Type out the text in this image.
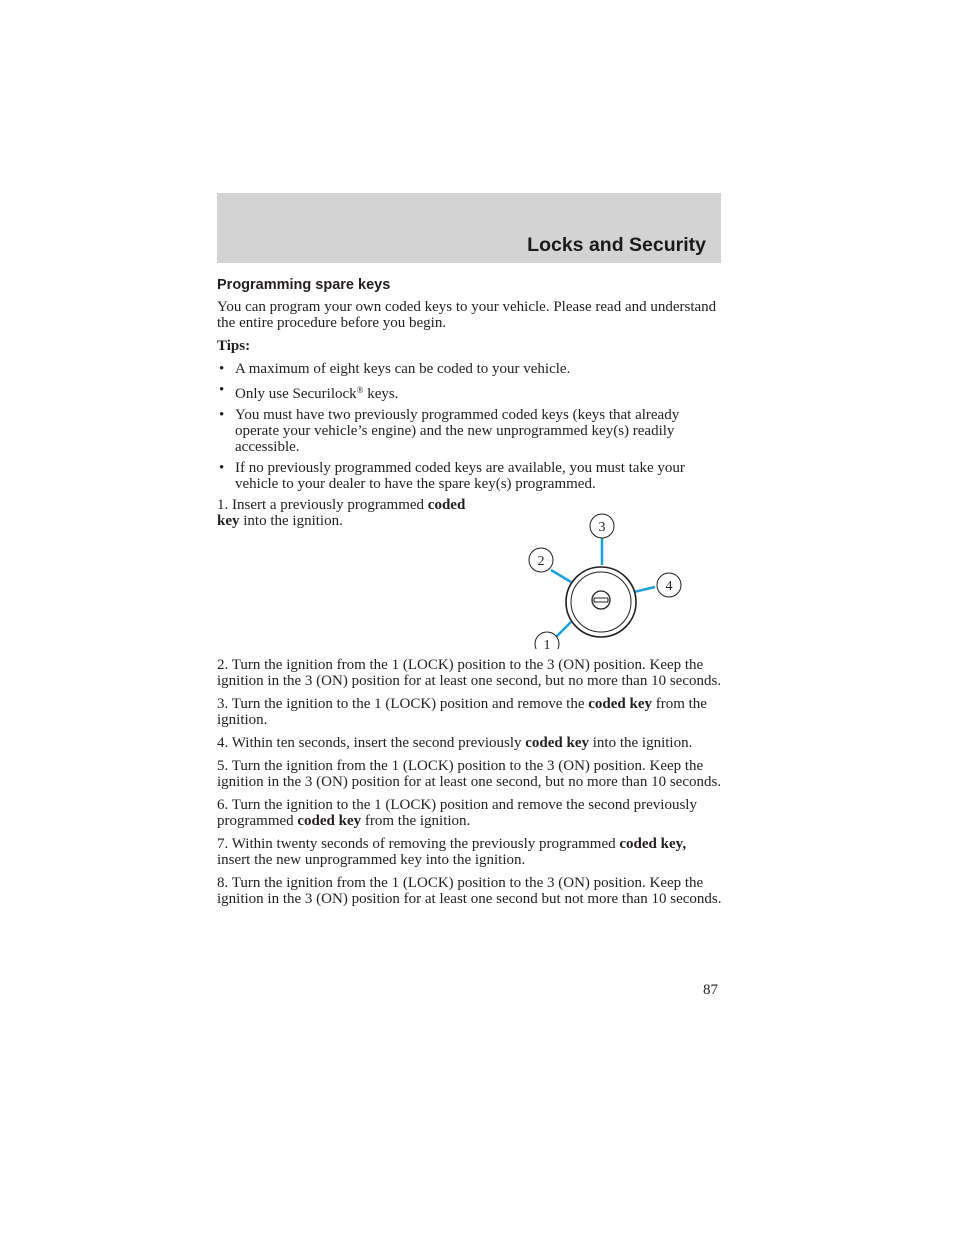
Locks and Security
Programming spare keys

You can program your own coded keys to your vehicle. Please read and understand the entire procedure before you begin.

Tips:

• A maximum of eight keys can be coded to your vehicle.
• Only use Securilock® keys.
• You must have two previously programmed coded keys (keys that already operate your vehicle’s engine) and the new unprogrammed key(s) readily accessible.
• If no previously programmed coded keys are available, you must take your vehicle to your dealer to have the spare key(s) programmed.

1. Insert a previously programmed coded key into the ignition.	3
2
4
1

2. Turn the ignition from the 1 (LOCK) position to the 3 (ON) position. Keep the ignition in the 3 (ON) position for at least one second, but no more than 10 seconds.

3. Turn the ignition to the 1 (LOCK) position and remove the coded key from the ignition.

4. Within ten seconds, insert the second previously coded key into the ignition.

5. Turn the ignition from the 1 (LOCK) position to the 3 (ON) position. Keep the ignition in the 3 (ON) position for at least one second, but no more than 10 seconds.

6. Turn the ignition to the 1 (LOCK) position and remove the second previously programmed coded key from the ignition.

7. Within twenty seconds of removing the previously programmed coded key, insert the new unprogrammed key into the ignition.

8. Turn the ignition from the 1 (LOCK) position to the 3 (ON) position. Keep the ignition in the 3 (ON) position for at least one second but not more than 10 seconds.

87
